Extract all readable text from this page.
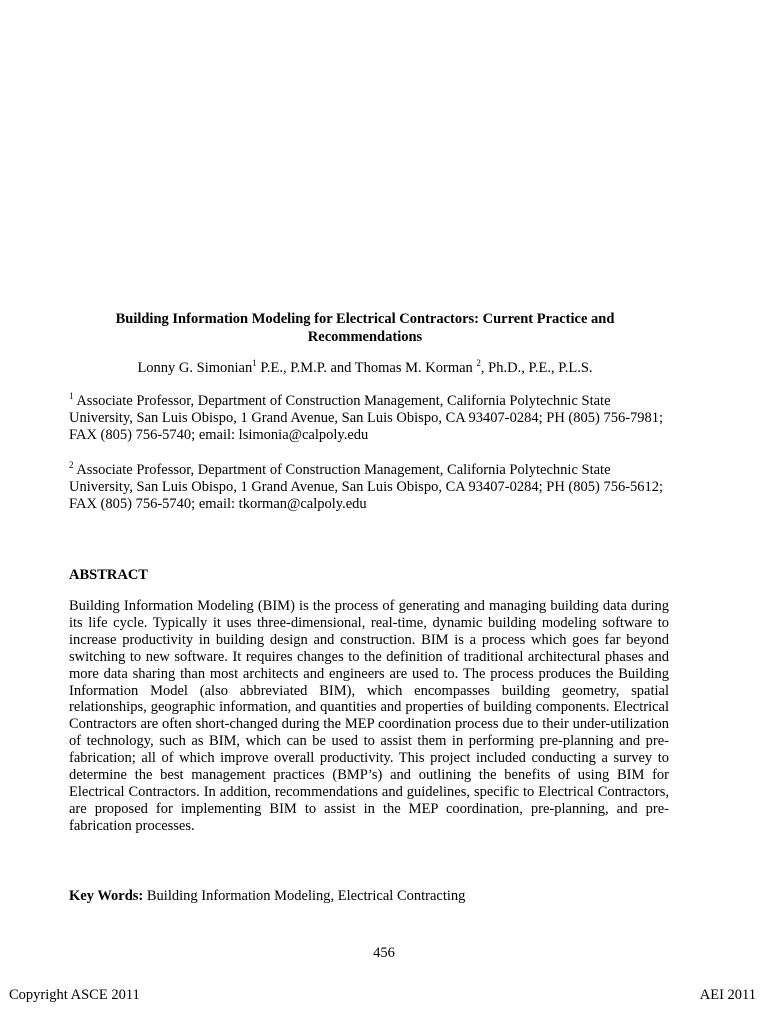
Building Information Modeling for Electrical Contractors: Current Practice and Recommendations
Lonny G. Simonian$^1$ P.E., P.M.P. and Thomas M. Korman $^2$, Ph.D., P.E., P.L.S.
$^1$ Associate Professor, Department of Construction Management, California Polytechnic State University, San Luis Obispo, 1 Grand Avenue, San Luis Obispo, CA 93407-0284; PH (805) 756-7981; FAX (805) 756-5740; email: lsimonia@calpoly.edu
$^2$ Associate Professor, Department of Construction Management, California Polytechnic State University, San Luis Obispo, 1 Grand Avenue, San Luis Obispo, CA 93407-0284; PH (805) 756-5612; FAX (805) 756-5740; email: tkorman@calpoly.edu
ABSTRACT
Building Information Modeling (BIM) is the process of generating and managing building data during its life cycle. Typically it uses three-dimensional, real-time, dynamic building modeling software to increase productivity in building design and construction. BIM is a process which goes far beyond switching to new software. It requires changes to the definition of traditional architectural phases and more data sharing than most architects and engineers are used to. The process produces the Building Information Model (also abbreviated BIM), which encompasses building geometry, spatial relationships, geographic information, and quantities and properties of building components. Electrical Contractors are often short-changed during the MEP coordination process due to their under-utilization of technology, such as BIM, which can be used to assist them in performing pre-planning and pre-fabrication; all of which improve overall productivity. This project included conducting a survey to determine the best management practices (BMP’s) and outlining the benefits of using BIM for Electrical Contractors. In addition, recommendations and guidelines, specific to Electrical Contractors, are proposed for implementing BIM to assist in the MEP coordination, pre-planning, and pre-fabrication processes.
Key Words: Building Information Modeling, Electrical Contracting
456
Copyright ASCE 2011	AEI 2011
